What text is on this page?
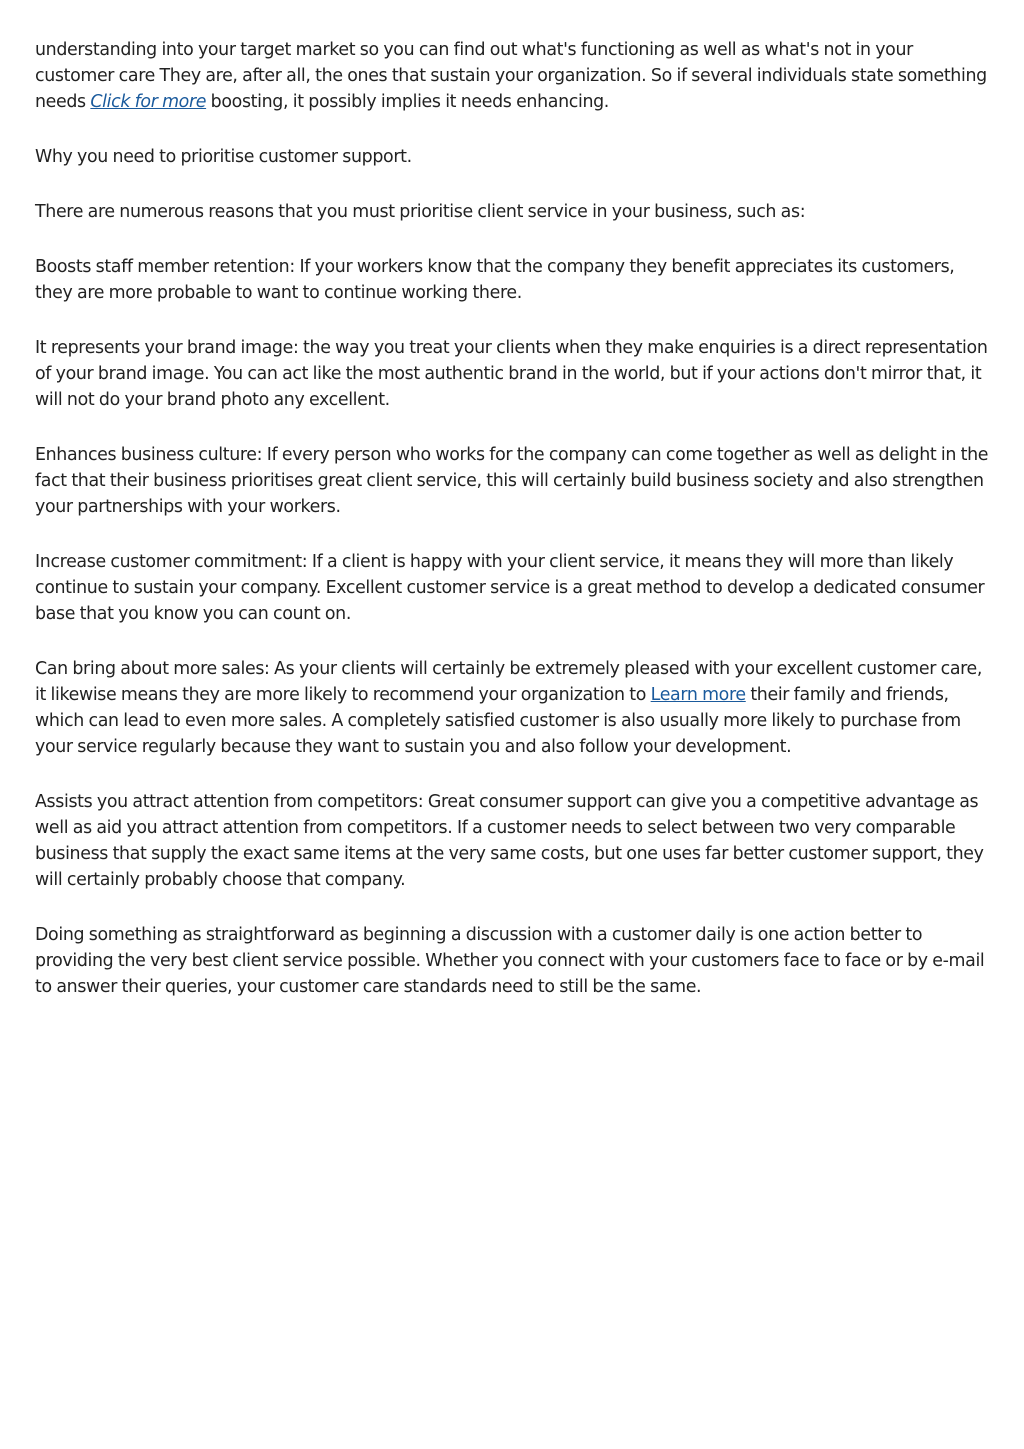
understanding into your target market so you can find out what's functioning as well as what's not in your customer care They are, after all, the ones that sustain your organization. So if several individuals state something needs Click for more boosting, it possibly implies it needs enhancing.

Why you need to prioritise customer support.

There are numerous reasons that you must prioritise client service in your business, such as:

Boosts staff member retention: If your workers know that the company they benefit appreciates its customers, they are more probable to want to continue working there.

It represents your brand image: the way you treat your clients when they make enquiries is a direct representation of your brand image. You can act like the most authentic brand in the world, but if your actions don't mirror that, it will not do your brand photo any excellent.

Enhances business culture: If every person who works for the company can come together as well as delight in the fact that their business prioritises great client service, this will certainly build business society and also strengthen your partnerships with your workers.

Increase customer commitment: If a client is happy with your client service, it means they will more than likely continue to sustain your company. Excellent customer service is a great method to develop a dedicated consumer base that you know you can count on.

Can bring about more sales: As your clients will certainly be extremely pleased with your excellent customer care, it likewise means they are more likely to recommend your organization to Learn more their family and friends, which can lead to even more sales. A completely satisfied customer is also usually more likely to purchase from your service regularly because they want to sustain you and also follow your development.

Assists you attract attention from competitors: Great consumer support can give you a competitive advantage as well as aid you attract attention from competitors. If a customer needs to select between two very comparable business that supply the exact same items at the very same costs, but one uses far better customer support, they will certainly probably choose that company.

Doing something as straightforward as beginning a discussion with a customer daily is one action better to providing the very best client service possible. Whether you connect with your customers face to face or by e-mail to answer their queries, your customer care standards need to still be the same.
